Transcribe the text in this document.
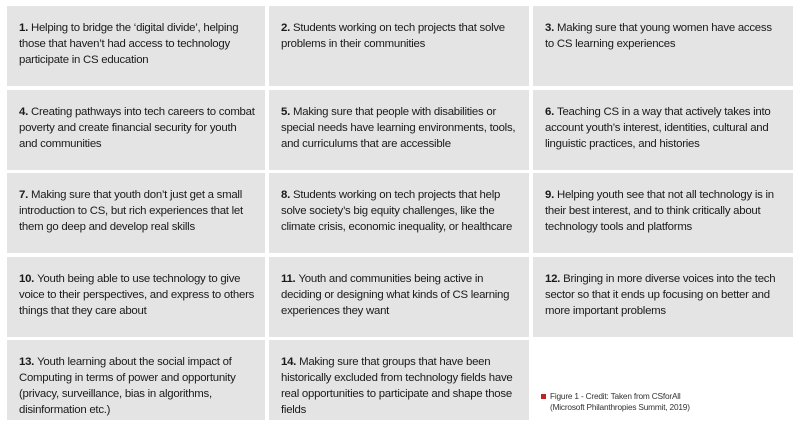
1. Helping to bridge the ‘digital divide’, helping those that haven’t had access to technology participate in CS education
2. Students working on tech projects that solve problems in their communities
3. Making sure that young women have access to CS learning experiences
4. Creating pathways into tech careers to combat poverty and create financial security for youth and communities
5. Making sure that people with disabilities or special needs have learning environments, tools, and curriculums that are accessible
6. Teaching CS in a way that actively takes into account youth’s interest, identities, cultural and linguistic practices, and histories
7. Making sure that youth don’t just get a small introduction to CS, but rich experiences that let them go deep and develop real skills
8. Students working on tech projects that help solve society’s big equity challenges, like the climate crisis, economic inequality, or healthcare
9. Helping youth see that not all technology is in their best interest, and to think critically about technology tools and platforms
10. Youth being able to use technology to give voice to their perspectives, and express to others things that they care about
11. Youth and communities being active in deciding or designing what kinds of CS learning experiences they want
12. Bringing in more diverse voices into the tech sector so that it ends up focusing on better and more important problems
13. Youth learning about the social impact of Computing in terms of power and opportunity (privacy, surveillance, bias in algorithms, disinformation etc.)
14. Making sure that groups that have been historically excluded from technology fields have real opportunities to participate and shape those fields
Figure 1 - Credit: Taken from CSforAll
(Microsoft Philanthropies Summit, 2019)
